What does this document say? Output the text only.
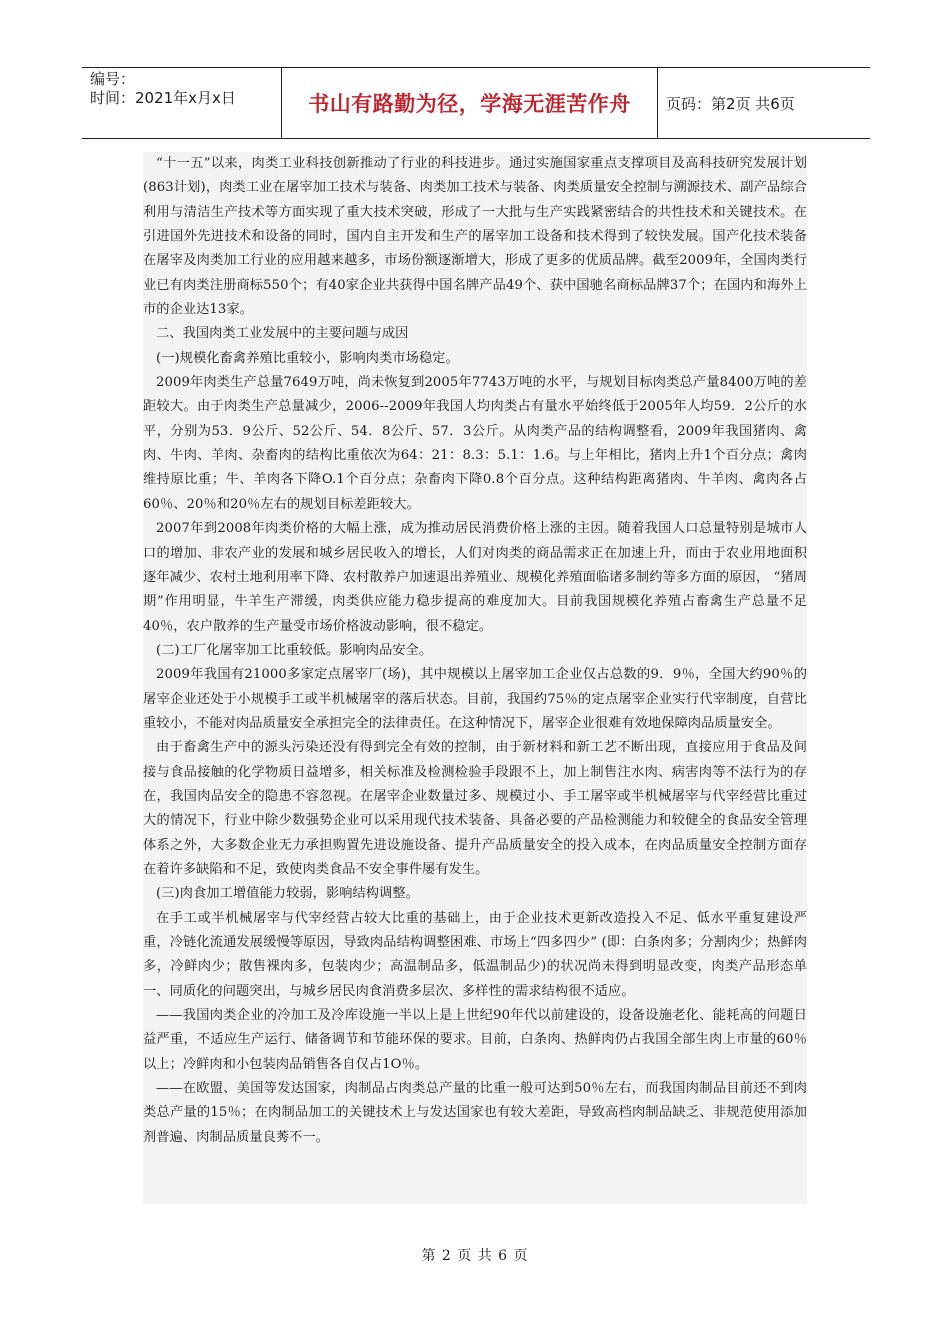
编号：
时间：2021年x月x日	书山有路勤为径，学海无涯苦作舟	页码：第2页 共6页

“十一五”以来，肉类工业科技创新推动了行业的科技进步。通过实施国家重点支撑项目及高科技研究发展计划(863计划)，肉类工业在屠宰加工技术与装备、肉类加工技术与装备、肉类质量安全控制与溯源技术、副产品综合利用与清洁生产技术等方面实现了重大技术突破，形成了一大批与生产实践紧密结合的共性技术和关键技术。在引进国外先进技术和设备的同时，国内自主开发和生产的屠宰加工设备和技术得到了较快发展。国产化技术装备在屠宰及肉类加工行业的应用越来越多，市场份额逐渐增大，形成了更多的优质品牌。截至2009年，全国肉类行业已有肉类注册商标550个；有40家企业共获得中国名牌产品49个、获中国驰名商标品牌37个；在国内和海外上市的企业达13家。

二、我国肉类工业发展中的主要问题与成因

(一)规模化畜禽养殖比重较小，影响肉类市场稳定。

2009年肉类生产总量7649万吨，尚未恢复到2005年7743万吨的水平，与规划目标肉类总产量8400万吨的差距较大。由于肉类生产总量减少，2006--2009年我国人均肉类占有量水平始终低于2005年人均59．2公斤的水平，分别为53．9公斤、52公斤、54．8公斤、57．3公斤。从肉类产品的结构调整看，2009年我国猪肉、禽肉、牛肉、羊肉、杂畜肉的结构比重依次为64：21：8.3：5.1：1.6。与上年相比，猪肉上升1个百分点；禽肉维持原比重；牛、羊肉各下降O.1个百分点；杂畜肉下降0.8个百分点。这种结构距离猪肉、牛羊肉、禽肉各占60％、20％和20％左右的规划目标差距较大。

2007年到2008年肉类价格的大幅上涨，成为推动居民消费价格上涨的主因。随着我国人口总量特别是城市人口的增加、非农产业的发展和城乡居民收入的增长，人们对肉类的商品需求正在加速上升，而由于农业用地面积逐年减少、农村土地利用率下降、农村散养户加速退出养殖业、规模化养殖面临诸多制约等多方面的原因， “猪周期”作用明显，牛羊生产滞缓，肉类供应能力稳步提高的难度加大。目前我国规模化养殖占畜禽生产总量不足40％，农户散养的生产量受市场价格波动影响，很不稳定。

(二)工厂化屠宰加工比重较低。影响肉品安全。

2009年我国有21000多家定点屠宰厂(场)，其中规模以上屠宰加工企业仅占总数的9．9％，全国大约90％的屠宰企业还处于小规模手工或半机械屠宰的落后状态。目前，我国约75％的定点屠宰企业实行代宰制度，自营比重较小，不能对肉品质量安全承担完全的法律责任。在这种情况下，屠宰企业很难有效地保障肉品质量安全。

由于畜禽生产中的源头污染还没有得到完全有效的控制，由于新材料和新工艺不断出现，直接应用于食品及间接与食品接触的化学物质日益增多，相关标准及检测检验手段跟不上，加上制售注水肉、病害肉等不法行为的存在，我国肉品安全的隐患不容忽视。在屠宰企业数量过多、规模过小、手工屠宰或半机械屠宰与代宰经营比重过大的情况下，行业中除少数强势企业可以采用现代技术装备、具备必要的产品检测能力和较健全的食品安全管理体系之外，大多数企业无力承担购置先进设施设备、提升产品质量安全的投入成本，在肉品质量安全控制方面存在着许多缺陷和不足，致使肉类食品不安全事件屡有发生。

(三)肉食加工增值能力较弱，影响结构调整。

在手工或半机械屠宰与代宰经营占较大比重的基础上，由于企业技术更新改造投入不足、低水平重复建设严重，冷链化流通发展缓慢等原因，导致肉品结构调整困难、市场上“四多四少” (即：白条肉多；分割肉少；热鲜肉多，冷鲜肉少；散售裸肉多，包装肉少；高温制品多，低温制品少)的状况尚未得到明显改变，肉类产品形态单一、同质化的问题突出，与城乡居民肉食消费多层次、多样性的需求结构很不适应。

——我国肉类企业的冷加工及冷库设施一半以上是上世纪90年代以前建设的，设备设施老化、能耗高的问题日益严重，不适应生产运行、储备调节和节能环保的要求。目前，白条肉、热鲜肉仍占我国全部生肉上市量的60％以上；冷鲜肉和小包装肉品销售各自仅占1O％。

——在欧盟、美国等发达国家，肉制品占肉类总产量的比重一般可达到50％左右，而我国肉制品目前还不到肉类总产量的15％；在肉制品加工的关键技术上与发达国家也有较大差距，导致高档肉制品缺乏、非规范使用添加剂普遍、肉制品质量良莠不一。

第 2 页 共 6 页
